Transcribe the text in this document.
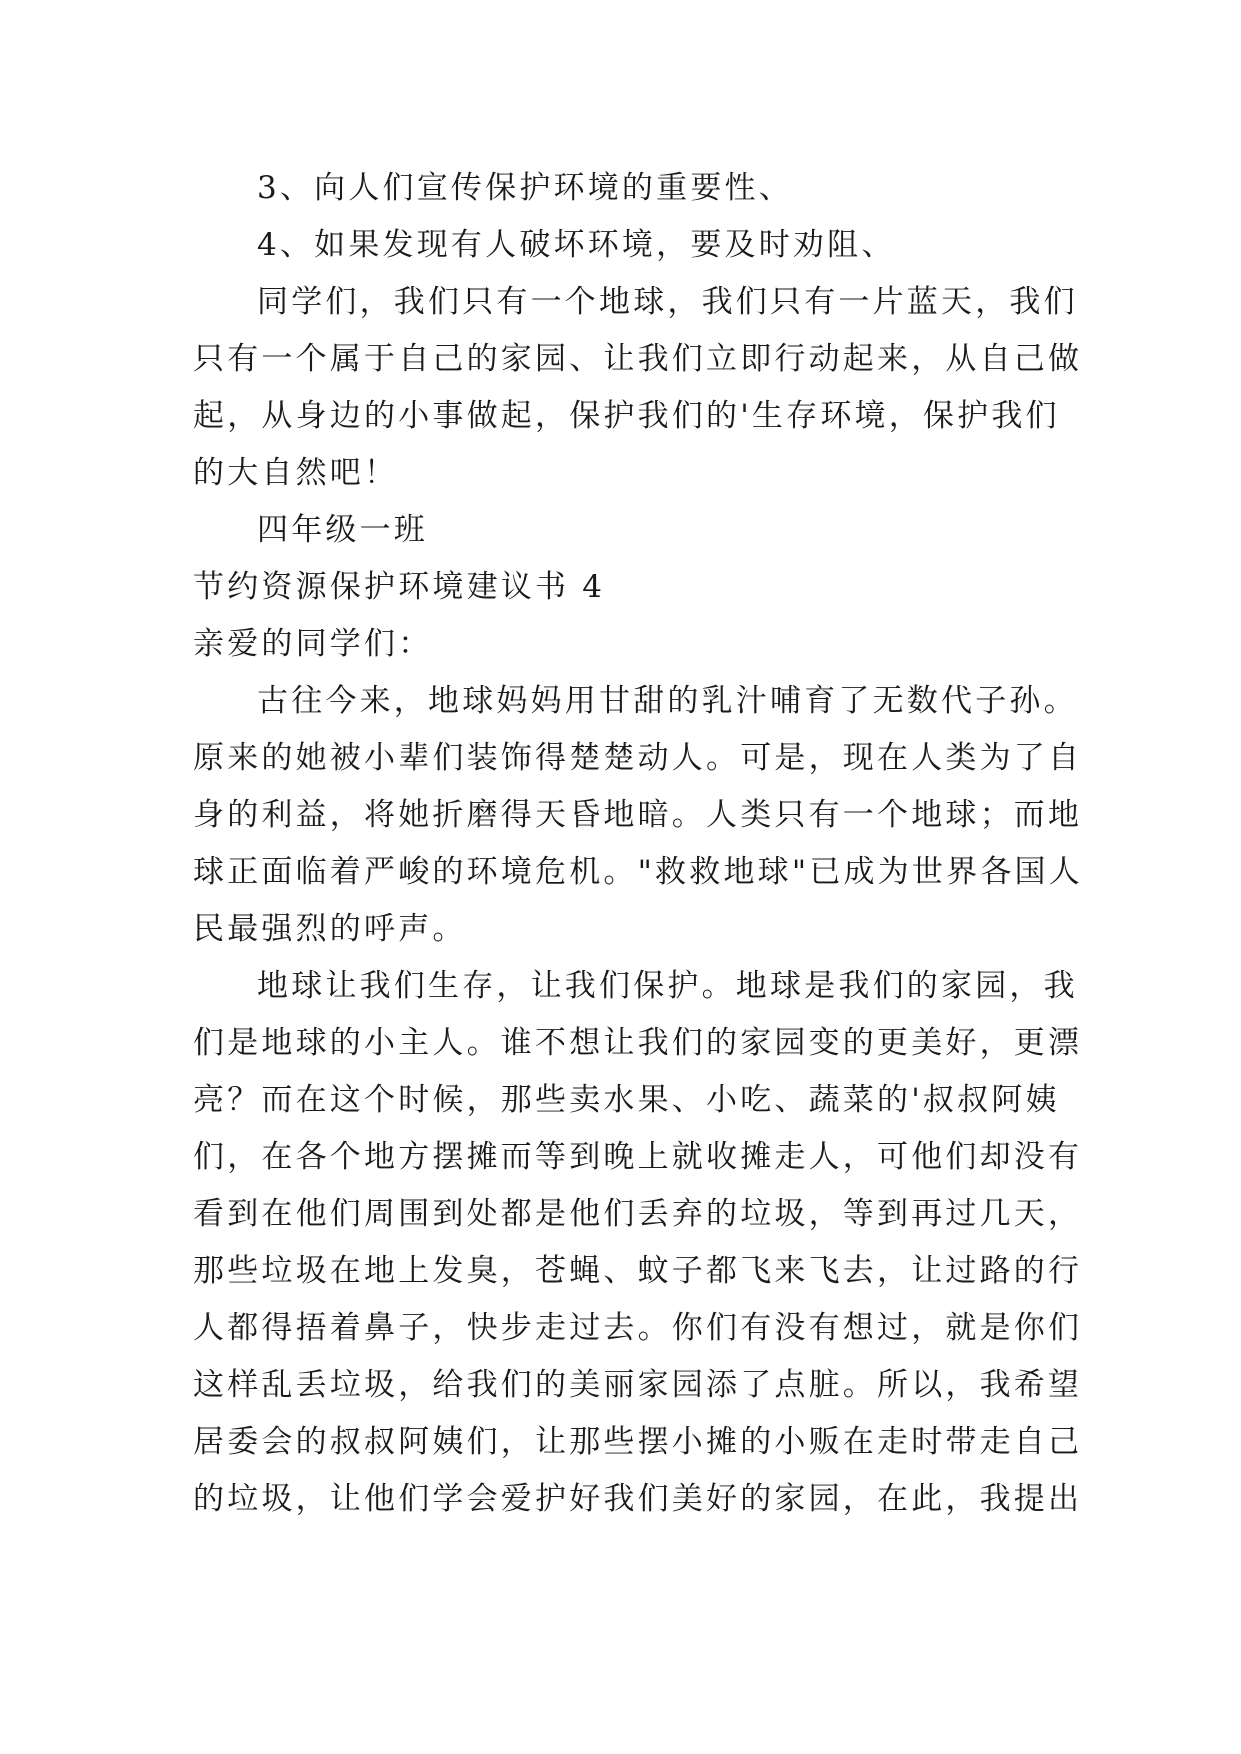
3、向人们宣传保护环境的重要性、
4、如果发现有人破坏环境，要及时劝阻、
同学们，我们只有一个地球，我们只有一片蓝天，我们
只有一个属于自己的家园、让我们立即行动起来，从自己做
起，从身边的小事做起，保护我们的'生存环境，保护我们
的大自然吧！
四年级一班
节约资源保护环境建议书 4
亲爱的同学们：
古往今来，地球妈妈用甘甜的乳汁哺育了无数代子孙。
原来的她被小辈们装饰得楚楚动人。可是，现在人类为了自
身的利益，将她折磨得天昏地暗。人类只有一个地球；而地
球正面临着严峻的环境危机。"救救地球"已成为世界各国人
民最强烈的呼声。
地球让我们生存，让我们保护。地球是我们的家园，我
们是地球的小主人。谁不想让我们的家园变的更美好，更漂
亮？而在这个时候，那些卖水果、小吃、蔬菜的'叔叔阿姨
们，在各个地方摆摊而等到晚上就收摊走人，可他们却没有
看到在他们周围到处都是他们丢弃的垃圾，等到再过几天，
那些垃圾在地上发臭，苍蝇、蚊子都飞来飞去，让过路的行
人都得捂着鼻子，快步走过去。你们有没有想过，就是你们
这样乱丢垃圾，给我们的美丽家园添了点脏。所以，我希望
居委会的叔叔阿姨们，让那些摆小摊的小贩在走时带走自己
的垃圾，让他们学会爱护好我们美好的家园，在此，我提出
